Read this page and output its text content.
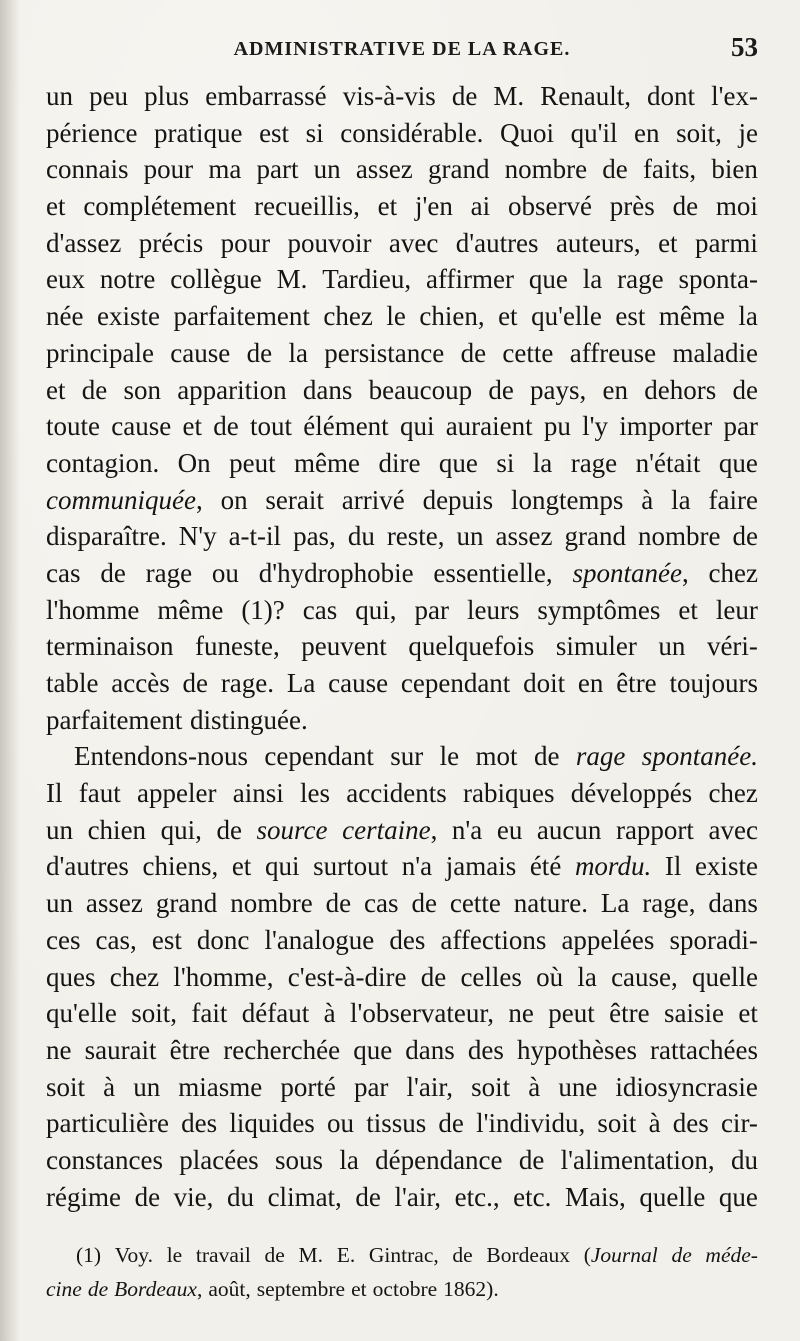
ADMINISTRATIVE DE LA RAGE.	53
un peu plus embarrassé vis-à-vis de M. Renault, dont l'ex-
périence pratique est si considérable. Quoi qu'il en soit, je
connais pour ma part un assez grand nombre de faits, bien
et complétement recueillis, et j'en ai observé près de moi
d'assez précis pour pouvoir avec d'autres auteurs, et parmi
eux notre collègue M. Tardieu, affirmer que la rage sponta-
née existe parfaitement chez le chien, et qu'elle est même la
principale cause de la persistance de cette affreuse maladie
et de son apparition dans beaucoup de pays, en dehors de
toute cause et de tout élément qui auraient pu l'y importer par
contagion. On peut même dire que si la rage n'était que
communiquée, on serait arrivé depuis longtemps à la faire
disparaître. N'y a-t-il pas, du reste, un assez grand nombre de
cas de rage ou d'hydrophobie essentielle, spontanée, chez
l'homme même (1)? cas qui, par leurs symptômes et leur
terminaison funeste, peuvent quelquefois simuler un véri-
table accès de rage. La cause cependant doit en être toujours
parfaitement distinguée.
Entendons-nous cependant sur le mot de rage spontanée.
Il faut appeler ainsi les accidents rabiques développés chez
un chien qui, de source certaine, n'a eu aucun rapport avec
d'autres chiens, et qui surtout n'a jamais été mordu. Il existe
un assez grand nombre de cas de cette nature. La rage, dans
ces cas, est donc l'analogue des affections appelées sporadi-
ques chez l'homme, c'est-à-dire de celles où la cause, quelle
qu'elle soit, fait défaut à l'observateur, ne peut être saisie et
ne saurait être recherchée que dans des hypothèses rattachées
soit à un miasme porté par l'air, soit à une idiosyncrasie
particulière des liquides ou tissus de l'individu, soit à des cir-
constances placées sous la dépendance de l'alimentation, du
régime de vie, du climat, de l'air, etc., etc. Mais, quelle que
(1) Voy. le travail de M. E. Gintrac, de Bordeaux (Journal de méde-
cine de Bordeaux, août, septembre et octobre 1862).
